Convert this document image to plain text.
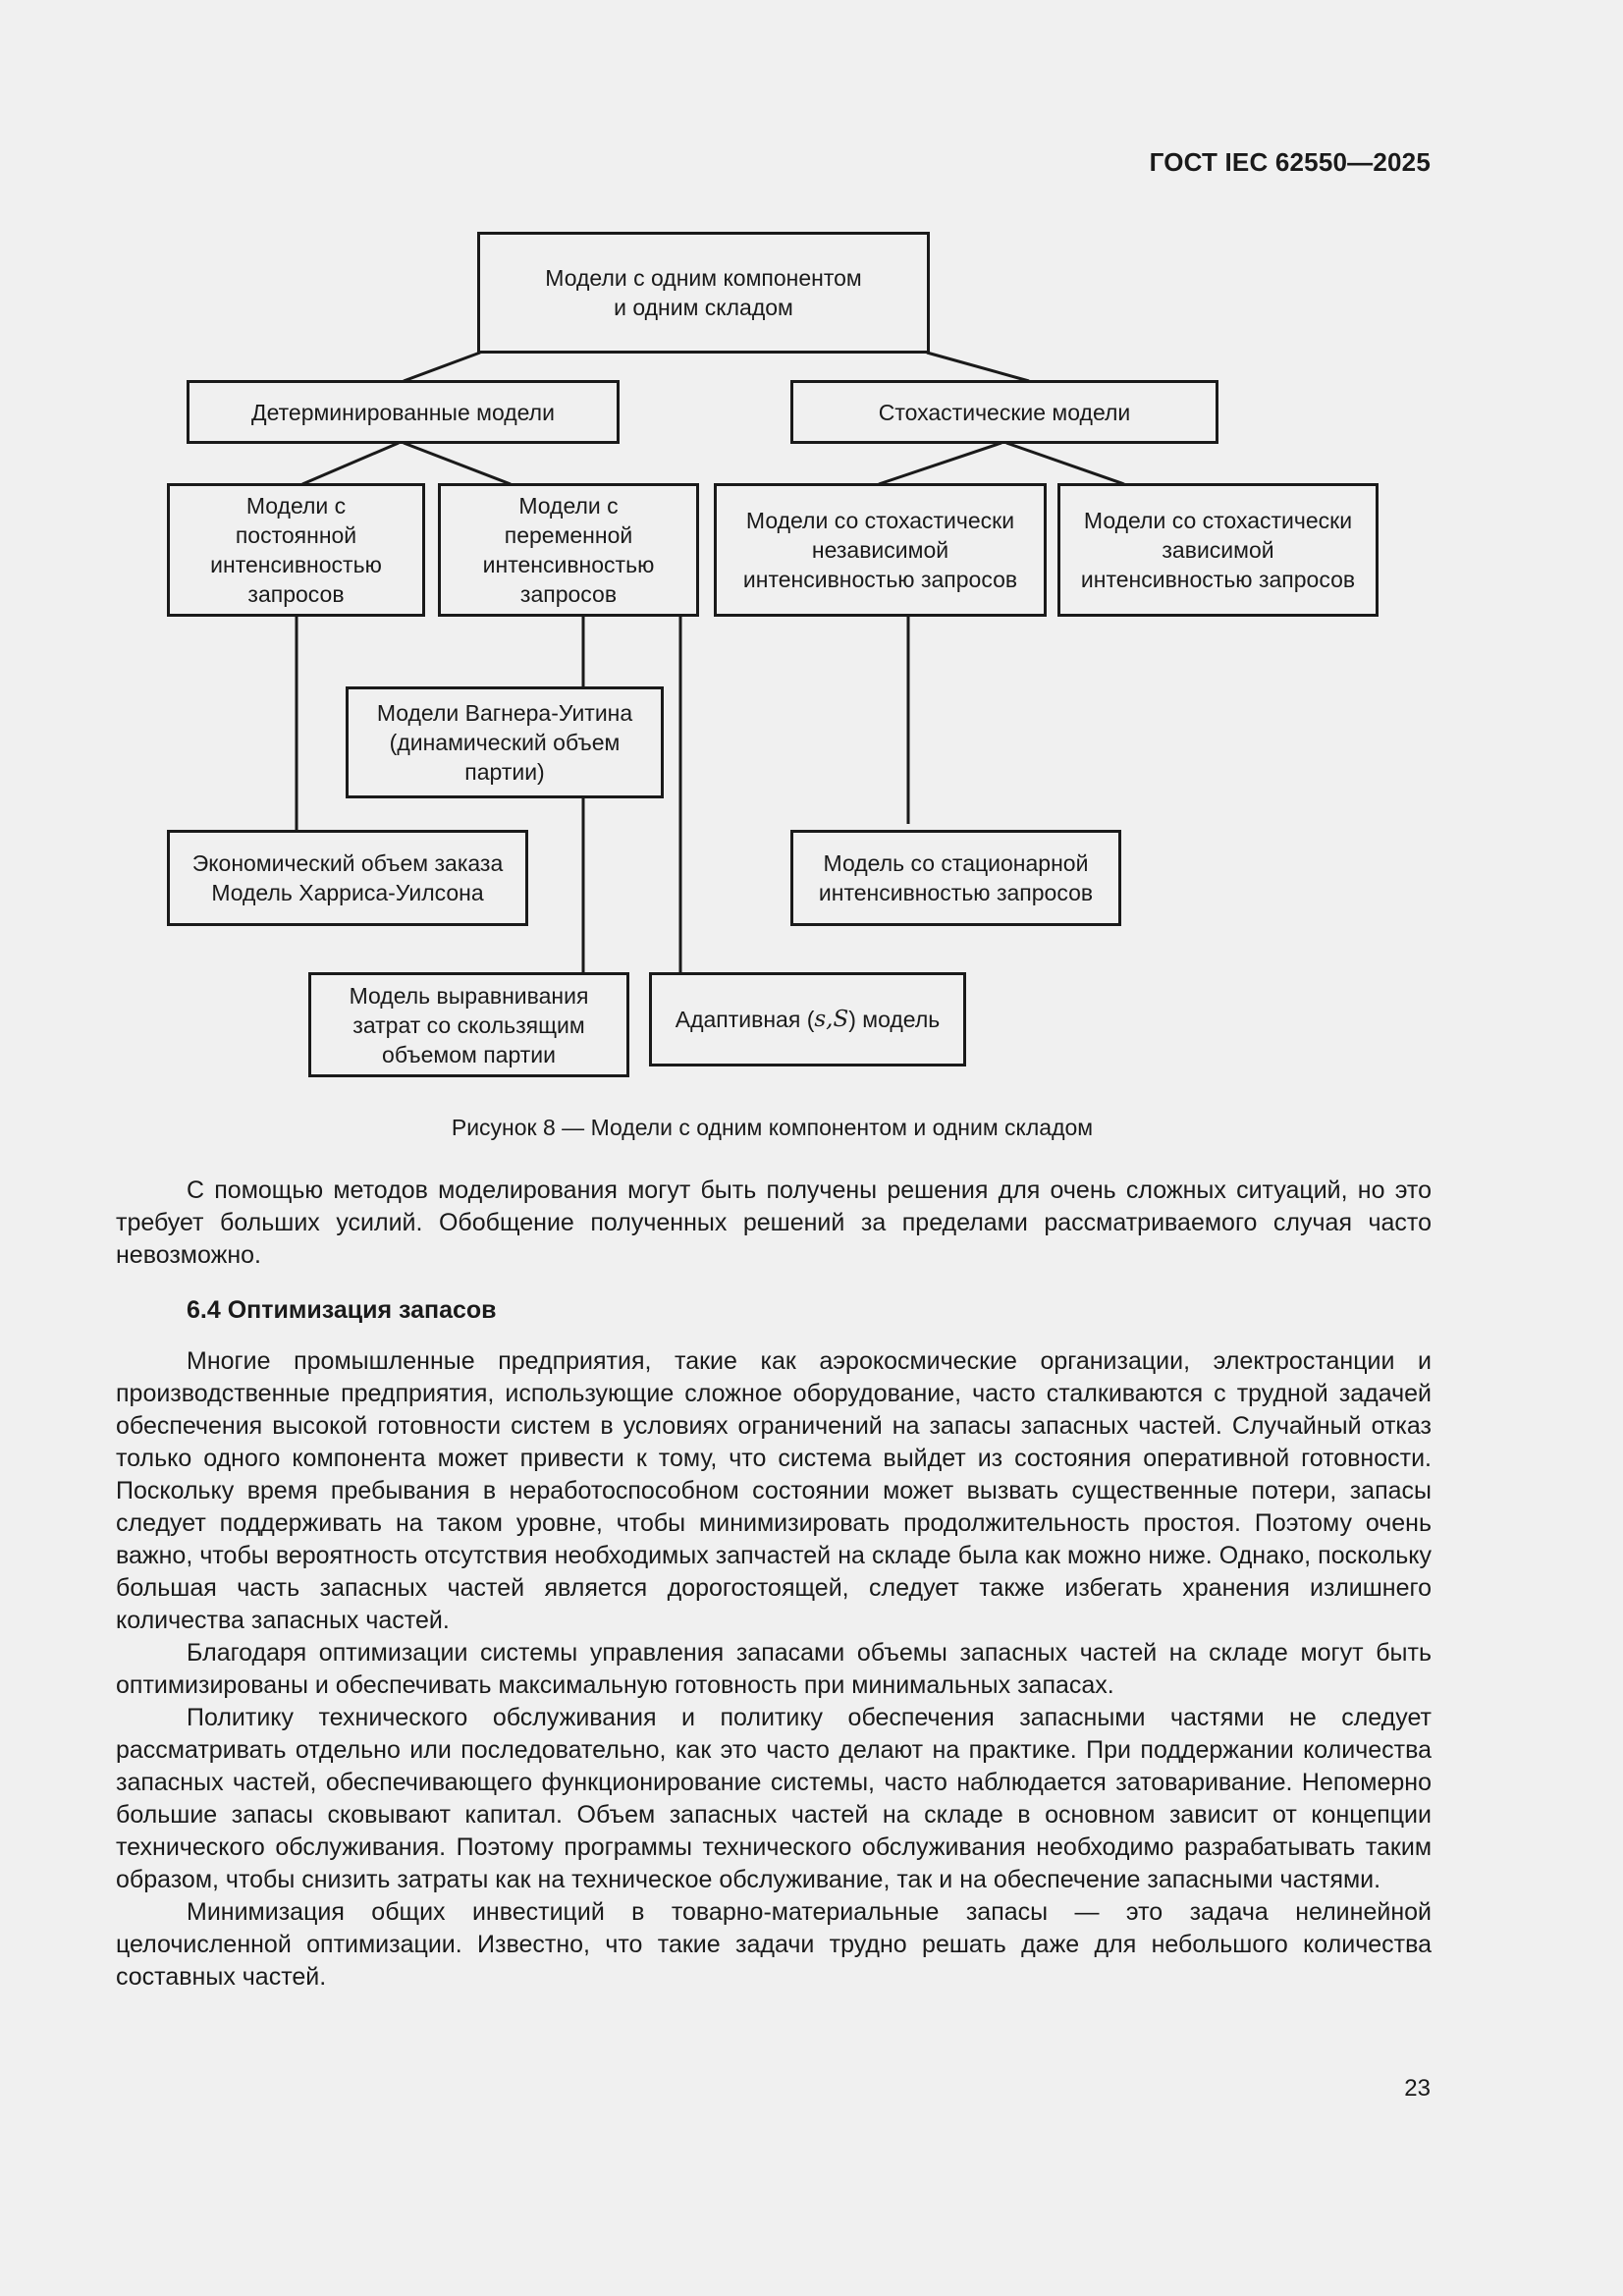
ГОСТ IEC 62550—2025
Модели с одним компонентом
и одним складом
Детерминированные модели	Стохастические модели
Модели с
постоянной
интенсивностью
запросов
Модели с
переменной
интенсивностью
запросов
Модели со стохастически
независимой
интенсивностью запросов
Модели со стохастически
зависимой
интенсивностью запросов
Модели Вагнера-Уитина
(динамический объем
партии)
Экономический объем заказа
Модель Харриса-Уилсона
Модель со стационарной
интенсивностью запросов
Модель выравнивания
затрат со скользящим
объемом партии
Адаптивная ( s,S ) модель
Рисунок 8 — Модели с одним компонентом и одним складом

С помощью методов моделирования могут быть получены решения для очень сложных ситуаций, но это требует больших усилий. Обобщение полученных решений за пределами рассматриваемого случая часто невозможно.

6.4 Оптимизация запасов

Многие промышленные предприятия, такие как аэрокосмические организации, электростанции и производственные предприятия, использующие сложное оборудование, часто сталкиваются с трудной задачей обеспечения высокой готовности систем в условиях ограничений на запасы запасных частей. Случайный отказ только одного компонента может привести к тому, что система выйдет из состояния оперативной готовности. Поскольку время пребывания в неработоспособном состоянии может вызвать существенные потери, запасы следует поддерживать на таком уровне, чтобы минимизировать продолжительность простоя. Поэтому очень важно, чтобы вероятность отсутствия необходимых запчастей на складе была как можно ниже. Однако, поскольку большая часть запасных частей является дорогостоящей, следует также избегать хранения излишнего количества запасных частей.

Благодаря оптимизации системы управления запасами объемы запасных частей на складе могут быть оптимизированы и обеспечивать максимальную готовность при минимальных запасах.

Политику технического обслуживания и политику обеспечения запасными частями не следует рассматривать отдельно или последовательно, как это часто делают на практике. При поддержании количества запасных частей, обеспечивающего функционирование системы, часто наблюдается затоваривание. Непомерно большие запасы сковывают капитал. Объем запасных частей на складе в основном зависит от концепции технического обслуживания. Поэтому программы технического обслуживания необходимо разрабатывать таким образом, чтобы снизить затраты как на техническое обслуживание, так и на обеспечение запасными частями.

Минимизация общих инвестиций в товарно-материальные запасы — это задача нелинейной целочисленной оптимизации. Известно, что такие задачи трудно решать даже для небольшого количества составных частей.

23
